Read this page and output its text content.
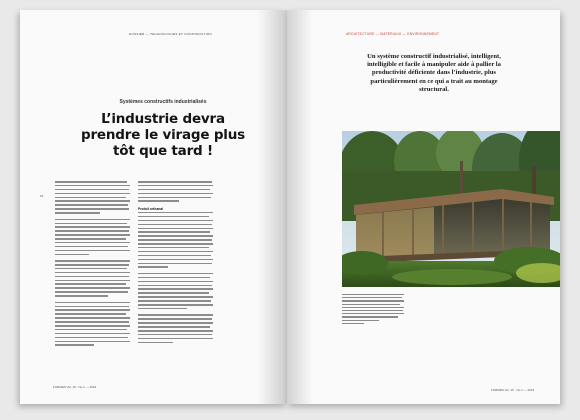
DOSSIER — TECHNOLOGIES ET CONSTRUCTION
Systèmes constructifs industrialisés
L’industrie devra prendre le virage plus tôt que tard !
16
Produit artisanal
FORMES Vol. 15 · No 1 — 2019
ARCHITECTURE — MATÉRIAUX — ENVIRONNEMENT
Un système constructif industrialisé, intelligent, intelligible et facile à manipuler aide à pallier la productivité déficiente dans l’industrie, plus particulièrement en ce qui a trait au montage structural.
FORMES Vol. 15 · No 1 — 2019
